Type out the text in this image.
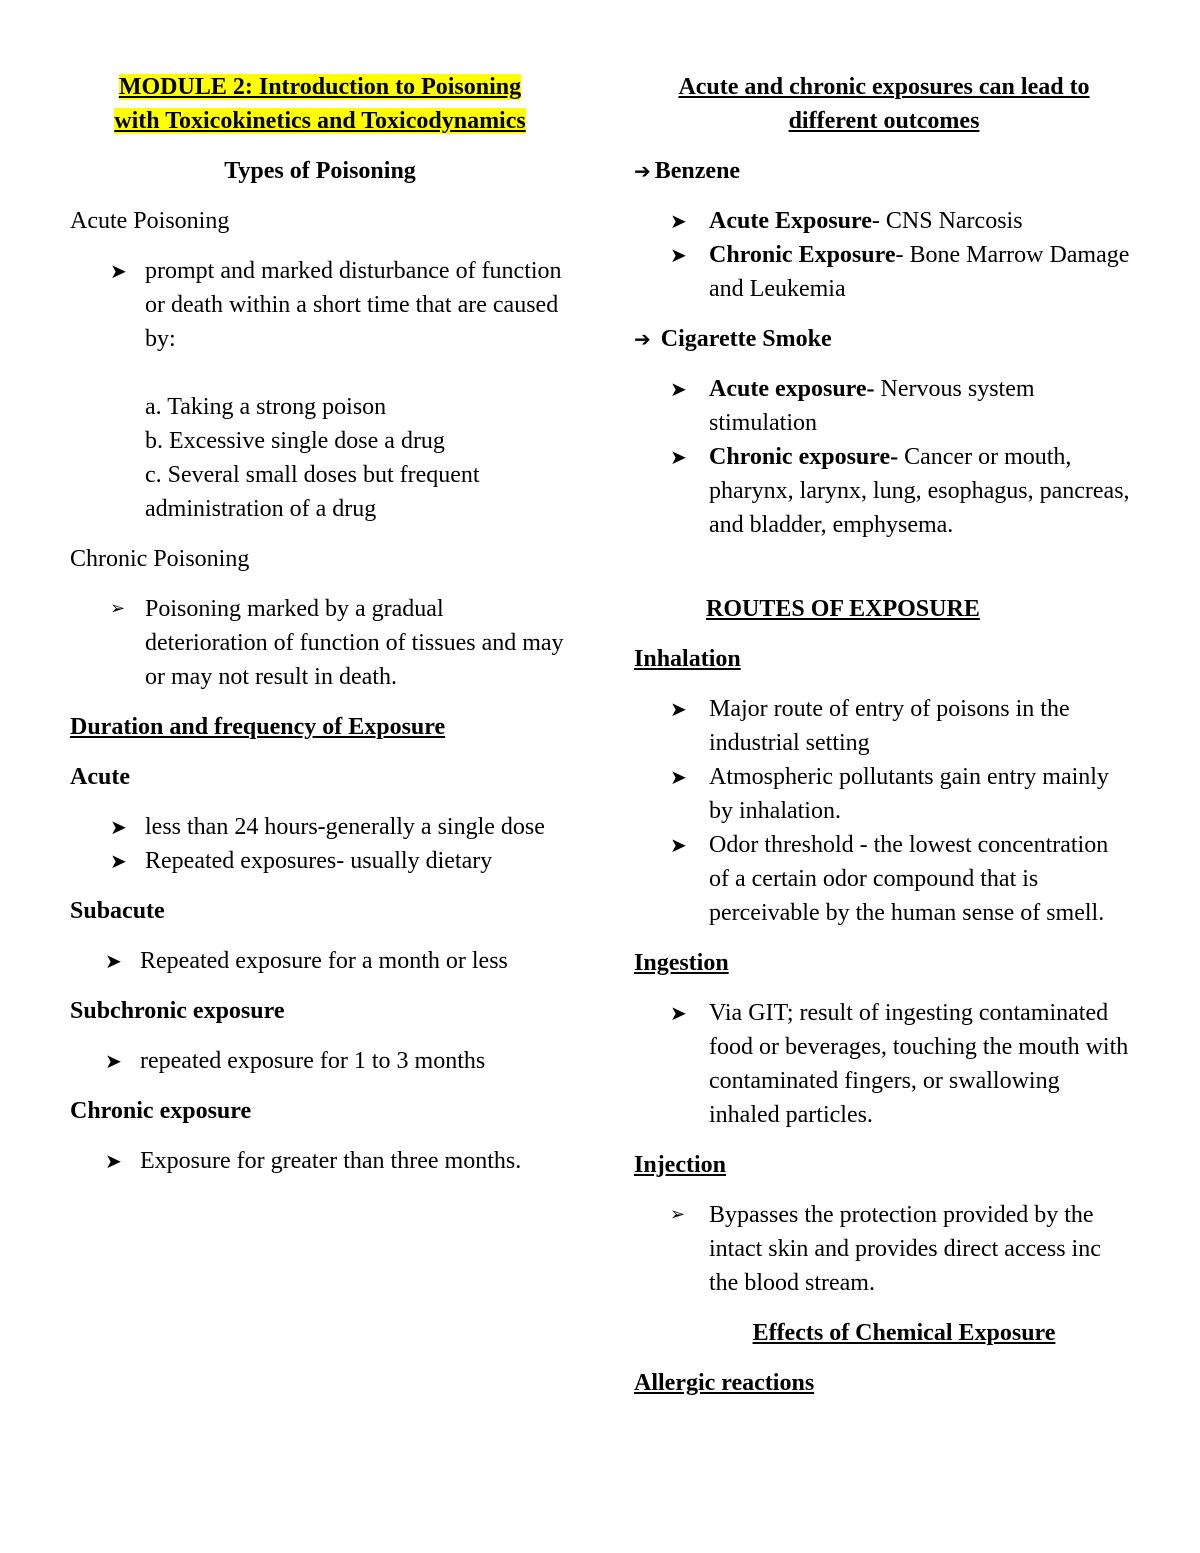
MODULE 2: Introduction to Poisoning
with Toxicokinetics and Toxicodynamics

Types of Poisoning

Acute Poisoning

➤ prompt and marked disturbance of function or death within a short time that are caused by:
a. Taking a strong poison
b. Excessive single dose a drug
c. Several small doses but frequent administration of a drug

Chronic Poisoning

➢ Poisoning marked by a gradual deterioration of function of tissues and may or may not result in death.

Duration and frequency of Exposure

Acute

➤ less than 24 hours-generally a single dose
➤ Repeated exposures- usually dietary

Subacute

➤ Repeated exposure for a month or less

Subchronic exposure

➤ repeated exposure for 1 to 3 months

Chronic exposure

➤ Exposure for greater than three months.

Acute and chronic exposures can lead to
different outcomes

➔ Benzene

➤ Acute Exposure- CNS Narcosis
➤ Chronic Exposure- Bone Marrow Damage and Leukemia

➔ Cigarette Smoke

➤ Acute exposure- Nervous system stimulation
➤ Chronic exposure- Cancer or mouth, pharynx, larynx, lung, esophagus, pancreas, and bladder, emphysema.

ROUTES OF EXPOSURE

Inhalation

➤ Major route of entry of poisons in the industrial setting
➤ Atmospheric pollutants gain entry mainly by inhalation.
➤ Odor threshold - the lowest concentration of a certain odor compound that is perceivable by the human sense of smell.

Ingestion

➤ Via GIT; result of ingesting contaminated food or beverages, touching the mouth with contaminated fingers, or swallowing inhaled particles.

Injection

➢ Bypasses the protection provided by the intact skin and provides direct access inc the blood stream.

Effects of Chemical Exposure

Allergic reactions
